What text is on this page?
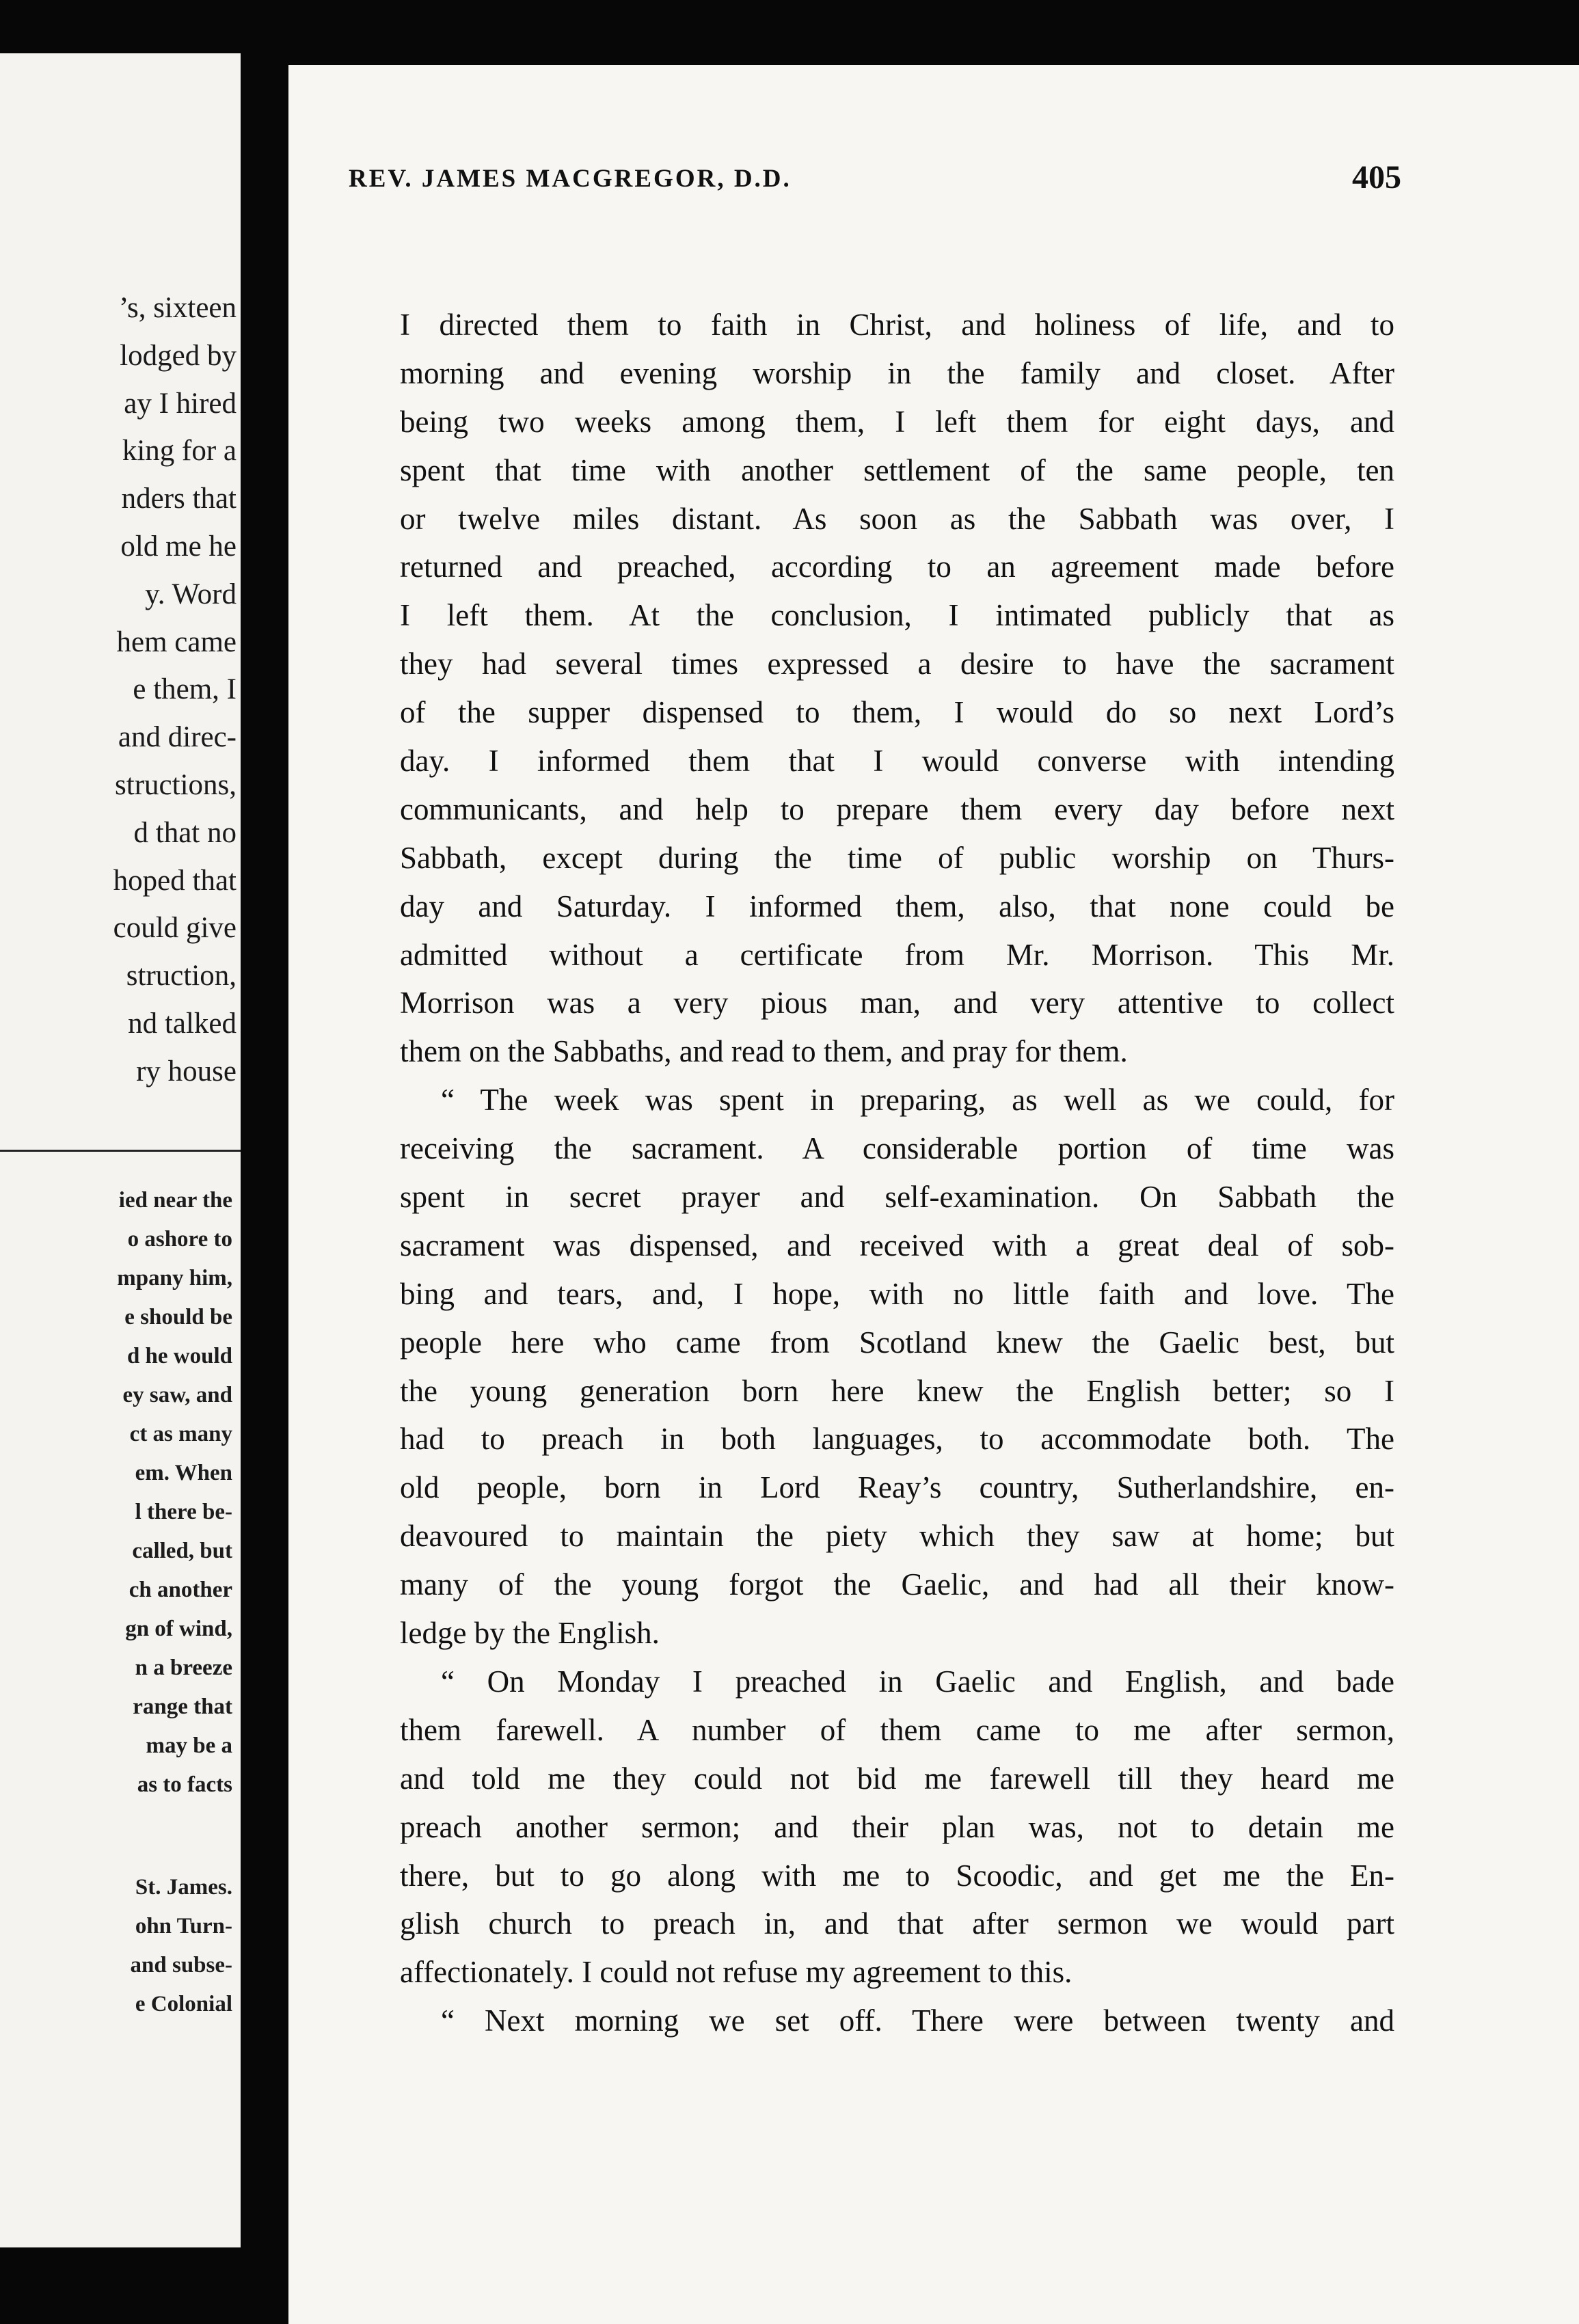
’s, sixteen
lodged by
ay I hired
king for a
nders that
old me he
y. Word
hem came
e them, I
and direc-
structions,
d that no
hoped that
could give
struction,
nd talked
ry house
ied near the
o ashore to
mpany him,
e should be
d he would
ey saw, and
ct as many
em. When
l there be-
called, but
ch another
gn of wind,
n a breeze
range that
may be a
as to facts
St. James.
ohn Turn-
and subse-
e Colonial
REV. JAMES MACGREGOR, D.D.	405
I directed them to faith in Christ, and holiness of life, and to
morning and evening worship in the family and closet. After
being two weeks among them, I left them for eight days, and
spent that time with another settlement of the same people, ten
or twelve miles distant. As soon as the Sabbath was over, I
returned and preached, according to an agreement made before
I left them. At the conclusion, I intimated publicly that as
they had several times expressed a desire to have the sacrament
of the supper dispensed to them, I would do so next Lord’s
day. I informed them that I would converse with intending
communicants, and help to prepare them every day before next
Sabbath, except during the time of public worship on Thurs-
day and Saturday. I informed them, also, that none could be
admitted without a certificate from Mr. Morrison. This Mr.
Morrison was a very pious man, and very attentive to collect
them on the Sabbaths, and read to them, and pray for them.
“ The week was spent in preparing, as well as we could, for
receiving the sacrament. A considerable portion of time was
spent in secret prayer and self-examination. On Sabbath the
sacrament was dispensed, and received with a great deal of sob-
bing and tears, and, I hope, with no little faith and love. The
people here who came from Scotland knew the Gaelic best, but
the young generation born here knew the English better; so I
had to preach in both languages, to accommodate both. The
old people, born in Lord Reay’s country, Sutherlandshire, en-
deavoured to maintain the piety which they saw at home; but
many of the young forgot the Gaelic, and had all their know-
ledge by the English.
“ On Monday I preached in Gaelic and English, and bade
them farewell. A number of them came to me after sermon,
and told me they could not bid me farewell till they heard me
preach another sermon; and their plan was, not to detain me
there, but to go along with me to Scoodic, and get me the En-
glish church to preach in, and that after sermon we would part
affectionately. I could not refuse my agreement to this.
“ Next morning we set off. There were between twenty and
